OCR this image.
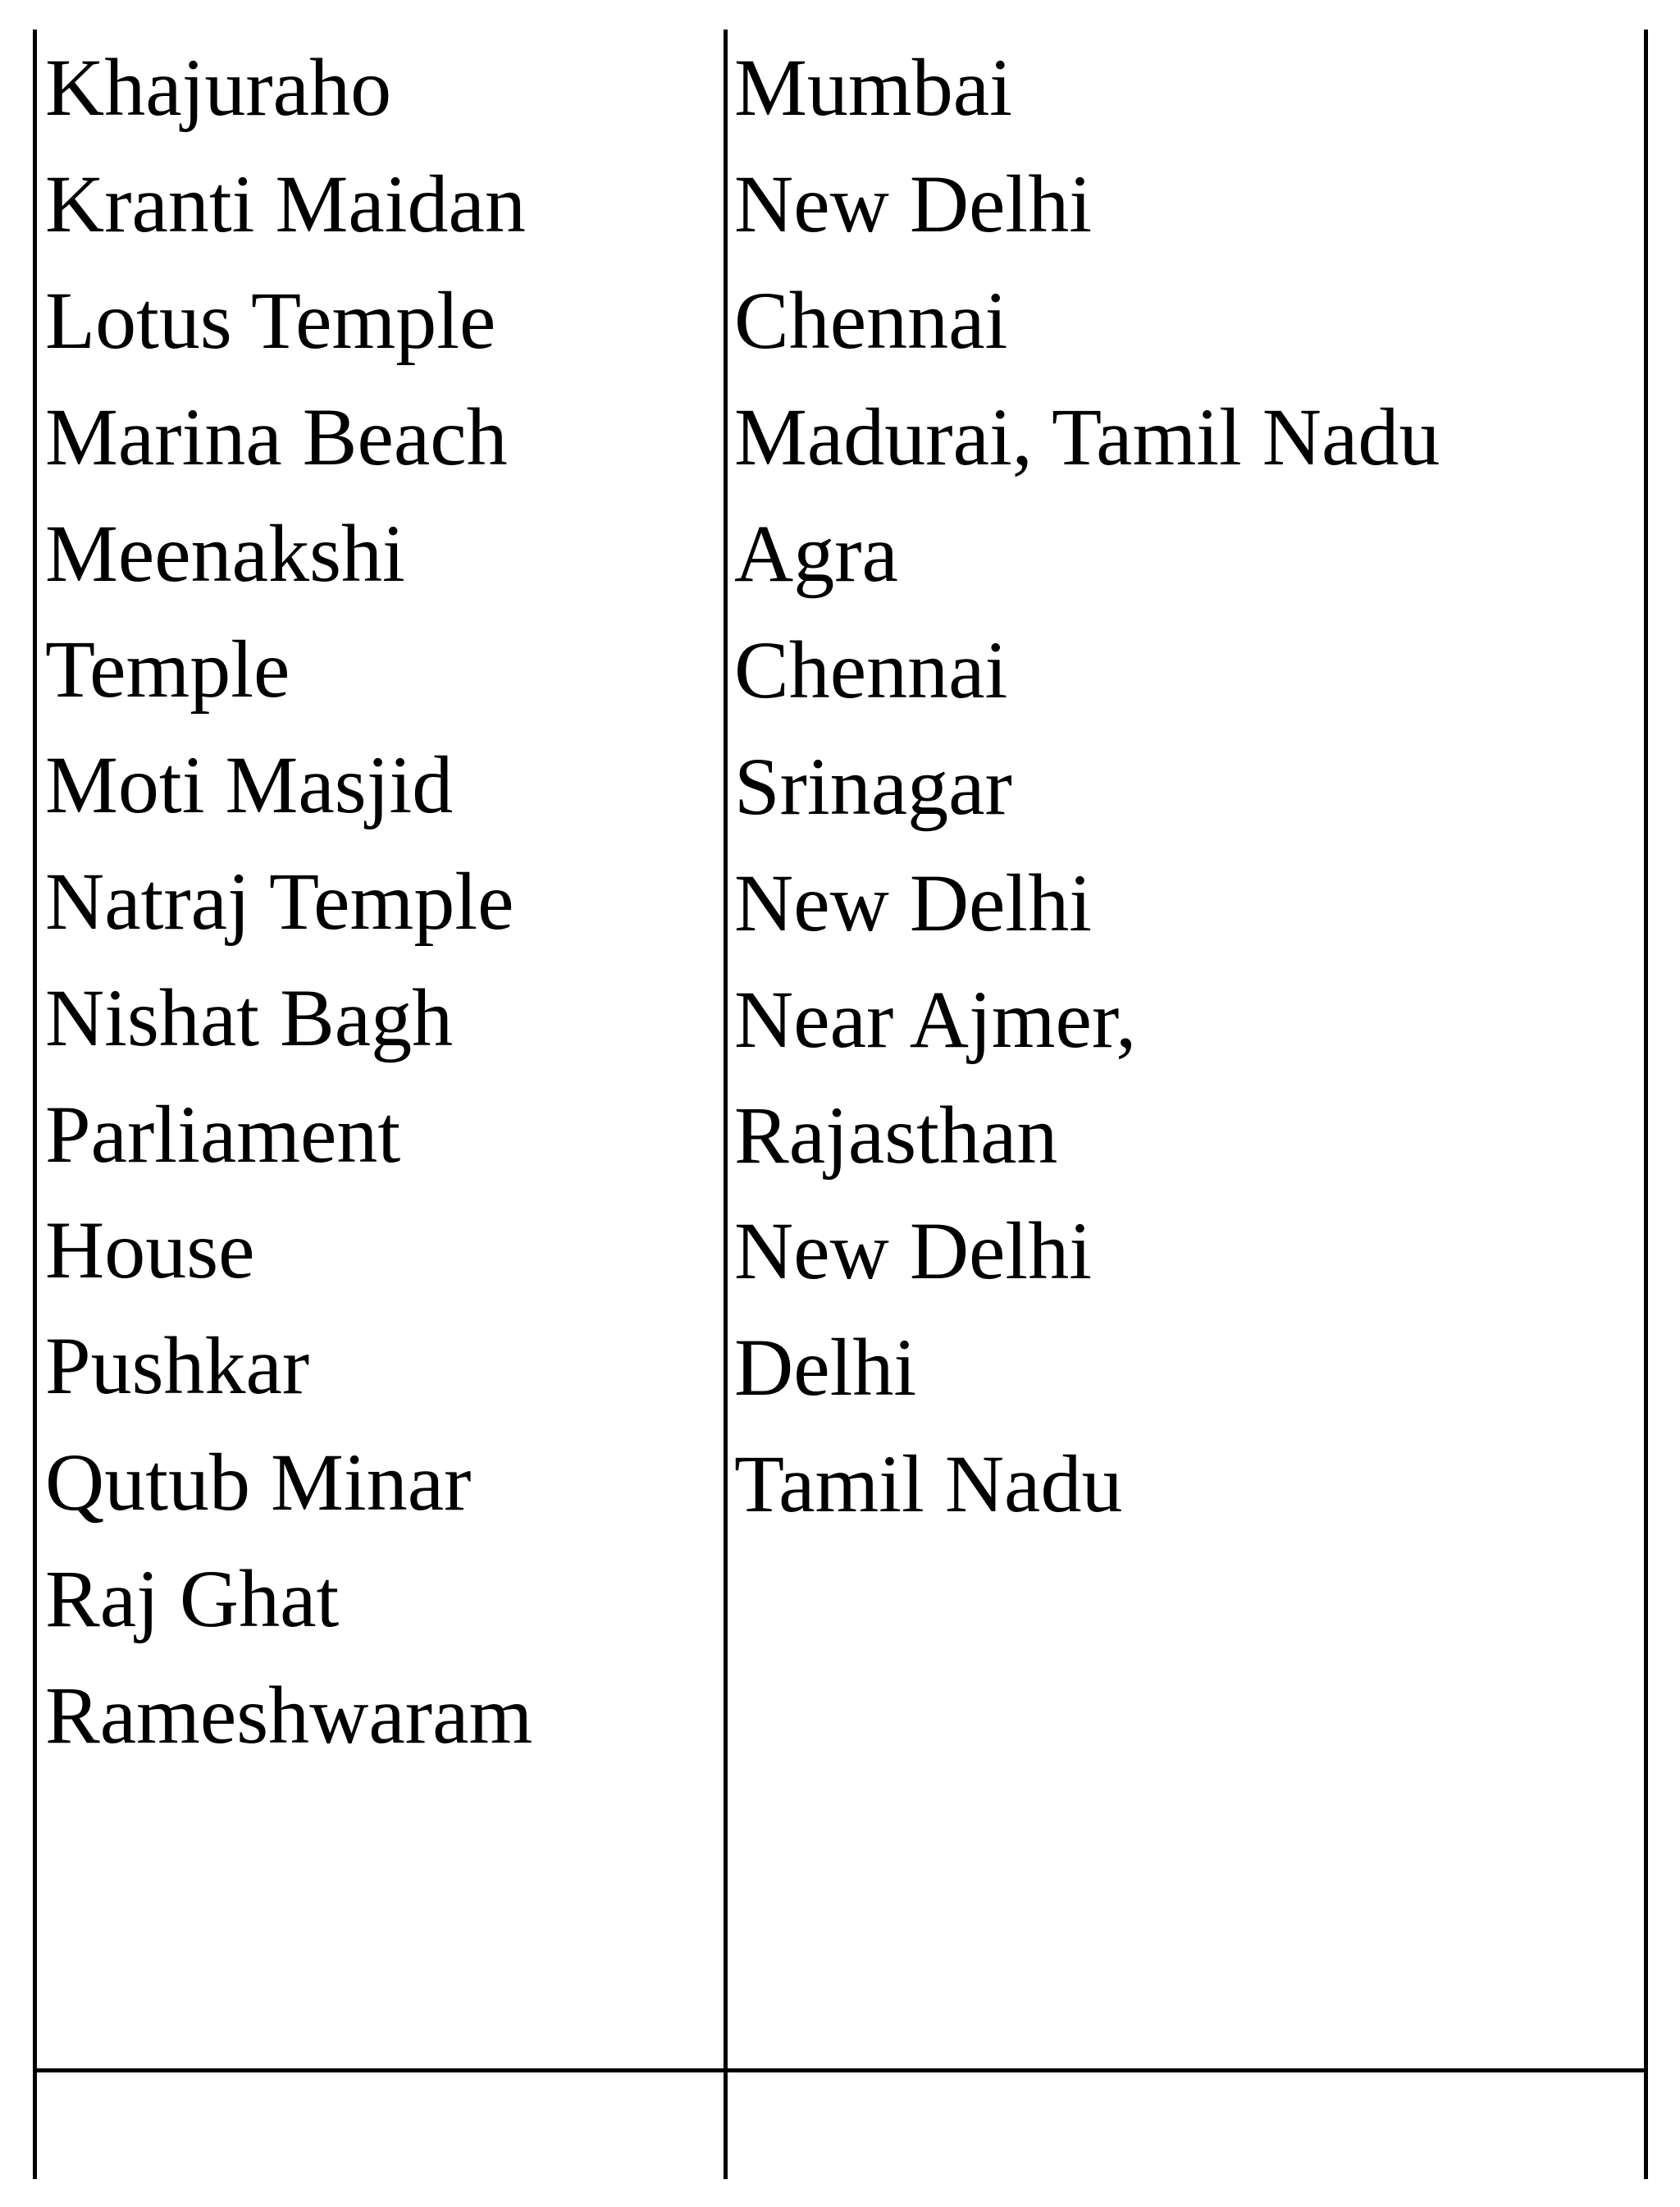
Khajuraho
Kranti Maidan
Lotus Temple
Marina Beach
Meenakshi
Temple
Moti Masjid
Natraj Temple
Nishat Bagh
Parliament
House
Pushkar
Qutub Minar
Raj Ghat
Rameshwaram
Mumbai
New Delhi
Chennai
Madurai, Tamil Nadu
Agra
Chennai
Srinagar
New Delhi
Near Ajmer,
Rajasthan
New Delhi
Delhi
Tamil Nadu
